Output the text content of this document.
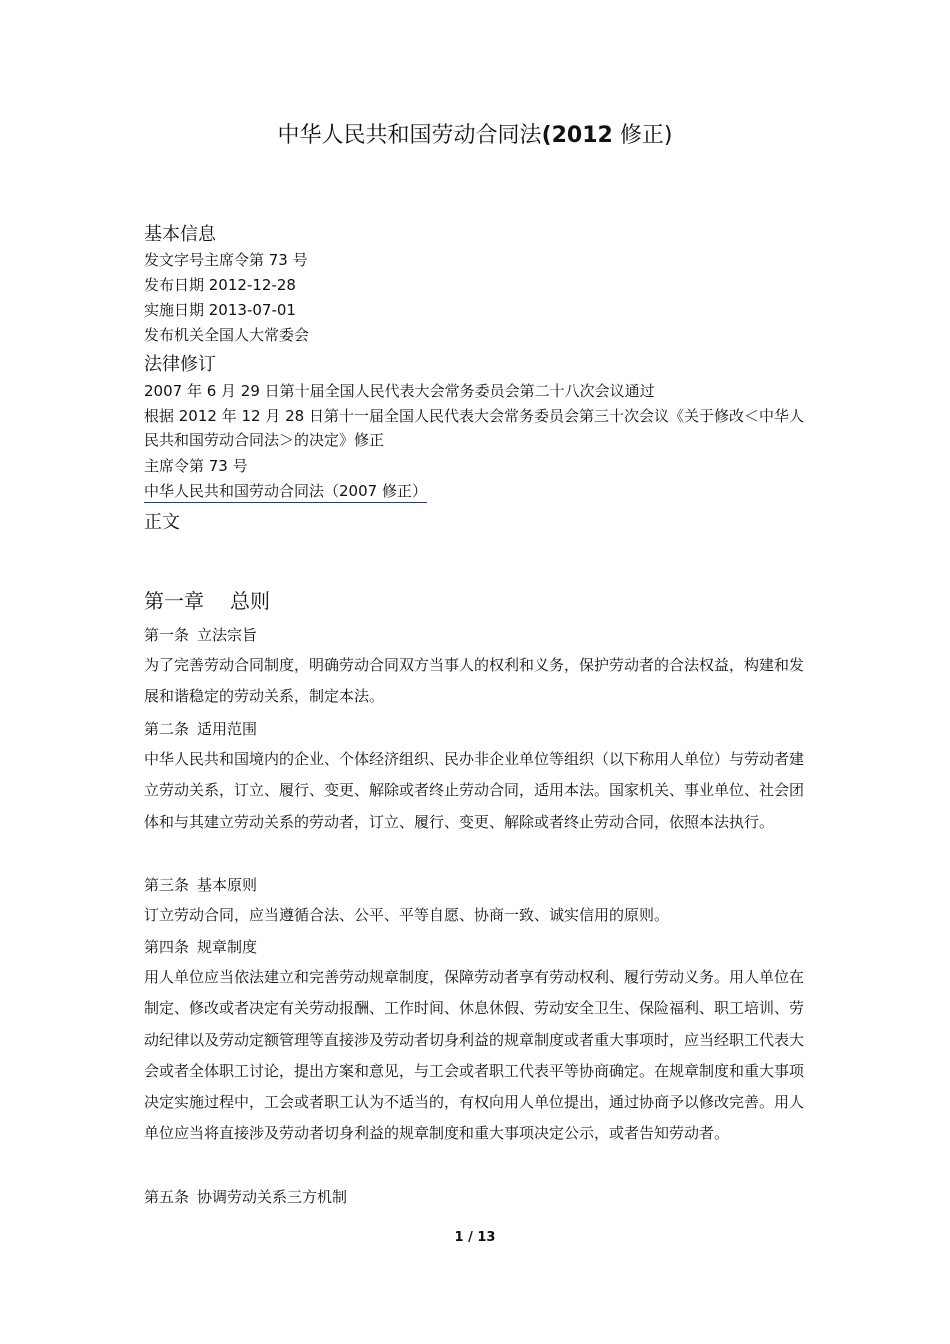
中华人民共和国劳动合同法(2012 修正)
基本信息
发文字号主席令第 73 号
发布日期 2012-12-28
实施日期 2013-07-01
发布机关全国人大常委会
法律修订
2007 年 6 月 29 日第十届全国人民代表大会常务委员会第二十八次会议通过
根据 2012 年 12 月 28 日第十一届全国人民代表大会常务委员会第三十次会议《关于修改＜中华人民共和国劳动合同法＞的决定》修正
主席令第 73 号
中华人民共和国劳动合同法（2007 修正）
正文
第一章 总则
第一条 立法宗旨
为了完善劳动合同制度，明确劳动合同双方当事人的权利和义务，保护劳动者的合法权益，构建和发展和谐稳定的劳动关系，制定本法。
第二条 适用范围
中华人民共和国境内的企业、个体经济组织、民办非企业单位等组织（以下称用人单位）与劳动者建立劳动关系，订立、履行、变更、解除或者终止劳动合同，适用本法。国家机关、事业单位、社会团体和与其建立劳动关系的劳动者，订立、履行、变更、解除或者终止劳动合同，依照本法执行。
第三条 基本原则
订立劳动合同，应当遵循合法、公平、平等自愿、协商一致、诚实信用的原则。
第四条 规章制度
用人单位应当依法建立和完善劳动规章制度，保障劳动者享有劳动权利、履行劳动义务。用人单位在制定、修改或者决定有关劳动报酬、工作时间、休息休假、劳动安全卫生、保险福利、职工培训、劳动纪律以及劳动定额管理等直接涉及劳动者切身利益的规章制度或者重大事项时，应当经职工代表大会或者全体职工讨论，提出方案和意见，与工会或者职工代表平等协商确定。在规章制度和重大事项决定实施过程中，工会或者职工认为不适当的，有权向用人单位提出，通过协商予以修改完善。用人单位应当将直接涉及劳动者切身利益的规章制度和重大事项决定公示，或者告知劳动者。
第五条 协调劳动关系三方机制
1 / 13
